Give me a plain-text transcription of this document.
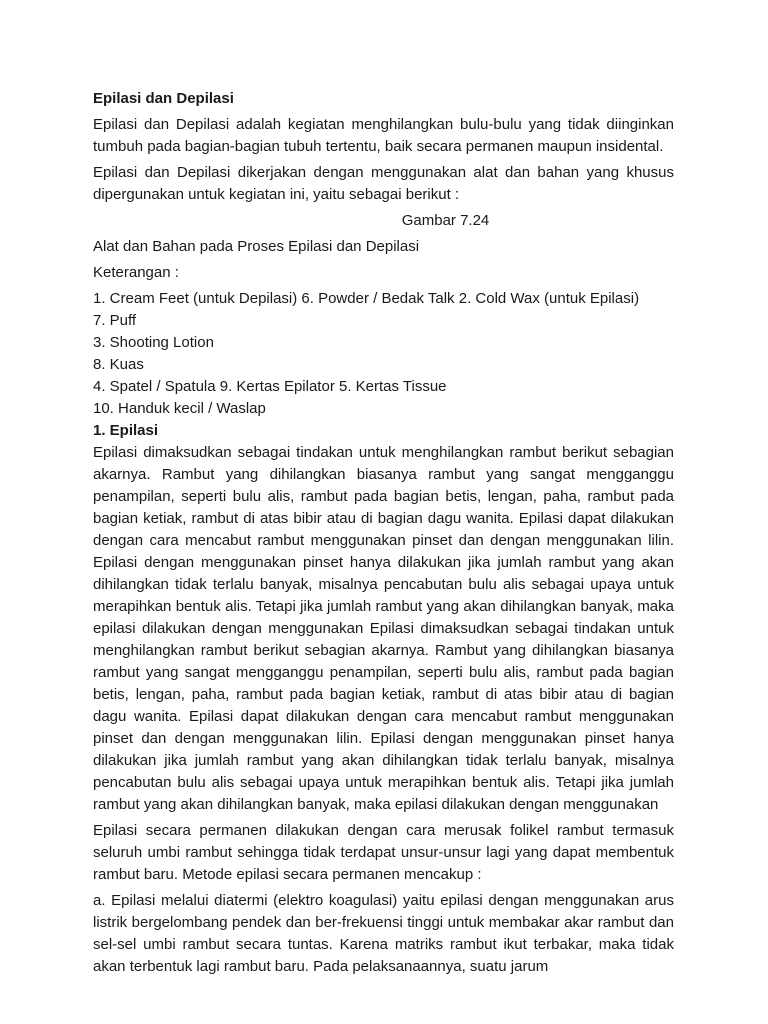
Epilasi dan Depilasi

Epilasi dan Depilasi adalah kegiatan menghilangkan bulu-bulu yang tidak diinginkan tumbuh pada bagian-bagian tubuh tertentu, baik secara permanen maupun insidental.

Epilasi dan Depilasi dikerjakan dengan menggunakan alat dan bahan yang khusus dipergunakan untuk kegiatan ini, yaitu sebagai berikut :

Gambar 7.24

Alat dan Bahan pada Proses Epilasi dan Depilasi

Keterangan :

1. Cream Feet (untuk Depilasi) 6. Powder / Bedak Talk 2. Cold Wax (untuk Epilasi)

7. Puff

3. Shooting Lotion

8. Kuas

4. Spatel / Spatula 9. Kertas Epilator 5. Kertas Tissue

10. Handuk kecil / Waslap

1. Epilasi

Epilasi dimaksudkan sebagai tindakan untuk menghilangkan rambut berikut sebagian akarnya. Rambut yang dihilangkan biasanya rambut yang sangat mengganggu penampilan, seperti bulu alis, rambut pada bagian betis, lengan, paha, rambut pada bagian ketiak, rambut di atas bibir atau di bagian dagu wanita. Epilasi dapat dilakukan dengan cara mencabut rambut menggunakan pinset dan dengan menggunakan lilin. Epilasi dengan menggunakan pinset hanya dilakukan jika jumlah rambut yang akan dihilangkan tidak terlalu banyak, misalnya pencabutan bulu alis sebagai upaya untuk merapihkan bentuk alis. Tetapi jika jumlah rambut yang akan dihilangkan banyak, maka epilasi dilakukan dengan menggunakan Epilasi dimaksudkan sebagai tindakan untuk menghilangkan rambut berikut sebagian akarnya. Rambut yang dihilangkan biasanya rambut yang sangat mengganggu penampilan, seperti bulu alis, rambut pada bagian betis, lengan, paha, rambut pada bagian ketiak, rambut di atas bibir atau di bagian dagu wanita. Epilasi dapat dilakukan dengan cara mencabut rambut menggunakan pinset dan dengan menggunakan lilin. Epilasi dengan menggunakan pinset hanya dilakukan jika jumlah rambut yang akan dihilangkan tidak terlalu banyak, misalnya pencabutan bulu alis sebagai upaya untuk merapihkan bentuk alis. Tetapi jika jumlah rambut yang akan dihilangkan banyak, maka epilasi dilakukan dengan menggunakan

Epilasi secara permanen dilakukan dengan cara merusak folikel rambut termasuk seluruh umbi rambut sehingga tidak terdapat unsur-unsur lagi yang dapat membentuk rambut baru. Metode epilasi secara permanen mencakup :

a. Epilasi melalui diatermi (elektro koagulasi) yaitu epilasi dengan menggunakan arus listrik bergelombang pendek dan ber-frekuensi tinggi untuk membakar akar rambut dan sel-sel umbi rambut secara tuntas. Karena matriks rambut ikut terbakar, maka tidak akan terbentuk lagi rambut baru. Pada pelaksanaannya, suatu jarum
